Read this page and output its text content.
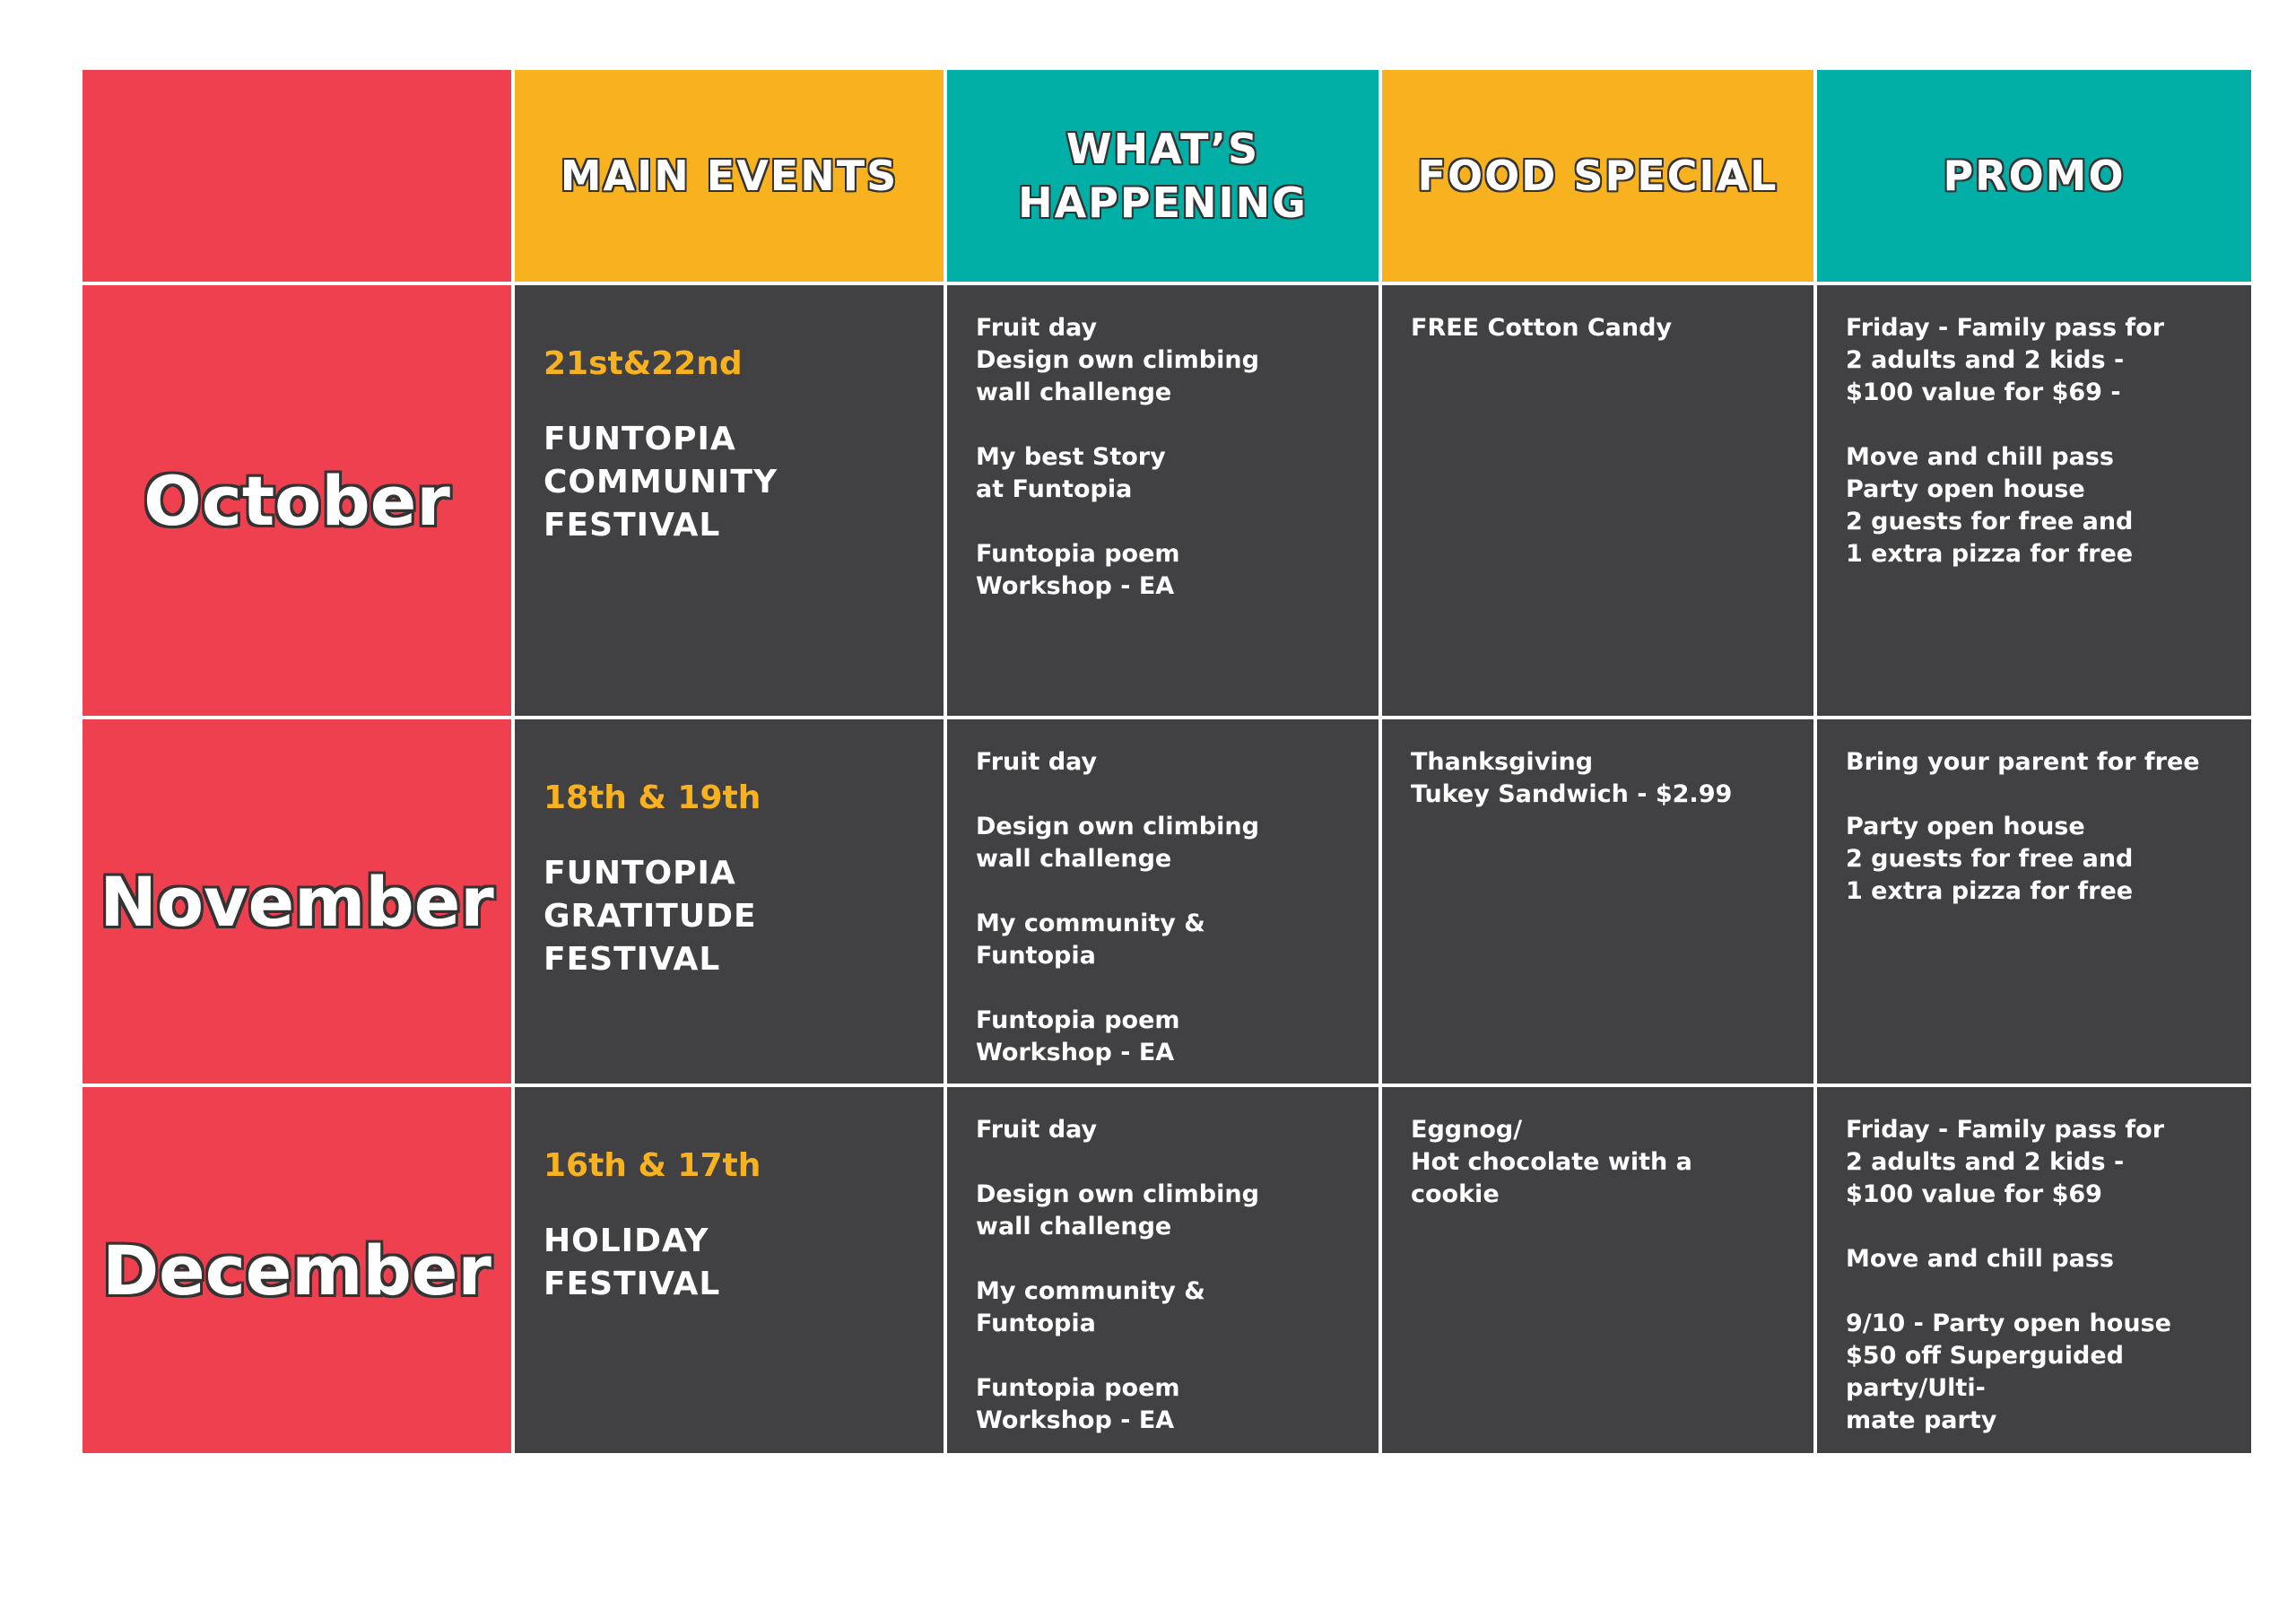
MAIN EVENTS
WHAT’S
HAPPENING
FOOD SPECIAL	PROMO
October

21st&22nd

FUNTOPIA
COMMUNITY
FESTIVAL

Fruit day
Design own climbing
wall challenge

My best Story
at Funtopia

Funtopia poem
Workshop - EA
FREE Cotton Candy	Friday - Family pass for
2 adults and 2 kids -
$100 value for $69 -

Move and chill pass
Party open house
2 guests for free and
1 extra pizza for free
November

18th & 19th

FUNTOPIA
GRATITUDE
FESTIVAL

Fruit day

Design own climbing
wall challenge

My community &
Funtopia

Funtopia poem
Workshop - EA
Thanksgiving
Tukey Sandwich - $2.99
Bring your parent for free

Party open house
2 guests for free and
1 extra pizza for free
December

16th & 17th

HOLIDAY
FESTIVAL

Fruit day

Design own climbing
wall challenge

My community &
Funtopia

Funtopia poem
Workshop - EA
Eggnog/
Hot chocolate with a cookie
Friday - Family pass for
2 adults and 2 kids -
$100 value for $69

Move and chill pass

9/10 - Party open house
$50 off Superguided party/Ulti-
mate party
